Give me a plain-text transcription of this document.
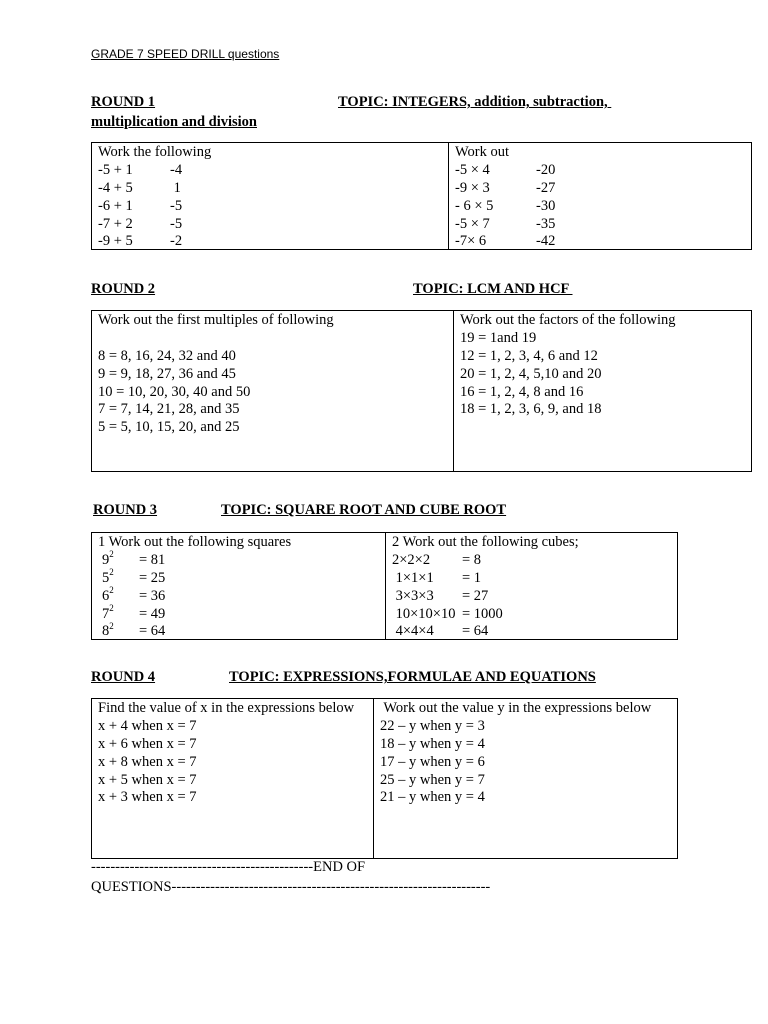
GRADE 7 SPEED DRILL questions
ROUND 1	TOPIC: INTEGERS, addition, subtraction,
multiplication and division
Work the following
-5 + 1	-4
-4 + 5	1
-6 + 1	-5
-7 + 2	-5
-9 + 5	-2
Work out
-5 × 4	-20
-9 × 3	-27
- 6 × 5	-30
-5 × 7	-35
-7× 6	-42
ROUND 2	TOPIC: LCM AND HCF
Work out the first multiples of following
8 = 8, 16, 24, 32 and 40
9 = 9, 18, 27, 36 and 45
10 = 10, 20, 30, 40 and 50
7 = 7, 14, 21, 28, and 35
5 = 5, 10, 15, 20, and 25
Work out the factors of the following
19 = 1and 19
12 = 1, 2, 3, 4, 6 and 12
20 = 1, 2, 4, 5,10 and 20
16 = 1, 2, 4, 8 and 16
18 = 1, 2, 3, 6, 9, and 18
ROUND 3	TOPIC: SQUARE ROOT AND CUBE ROOT
1 Work out the following squares
$9^2$	= 81
$5^2$	= 25
$6^2$	= 36
$7^2$	= 49
$8^2$	= 64
2 Work out the following cubes;
2×2×2	= 8
1×1×1	= 1
3×3×3	= 27
10×10×10 = 1000
4×4×4	= 64
ROUND 4	TOPIC: EXPRESSIONS,FORMULAE AND EQUATIONS
Find the value of x in the expressions below
x + 4 when x = 7
x + 6 when x = 7
x + 8 when x = 7
x + 5 when x = 7
x + 3 when x = 7
Work out the value y in the expressions below
22 – y when y = 3
18 – y when y = 4
17 – y when y = 6
25 – y when y = 7
21 – y when y = 4
----------------------------------------------END OF
QUESTIONS------------------------------------------------------------------
